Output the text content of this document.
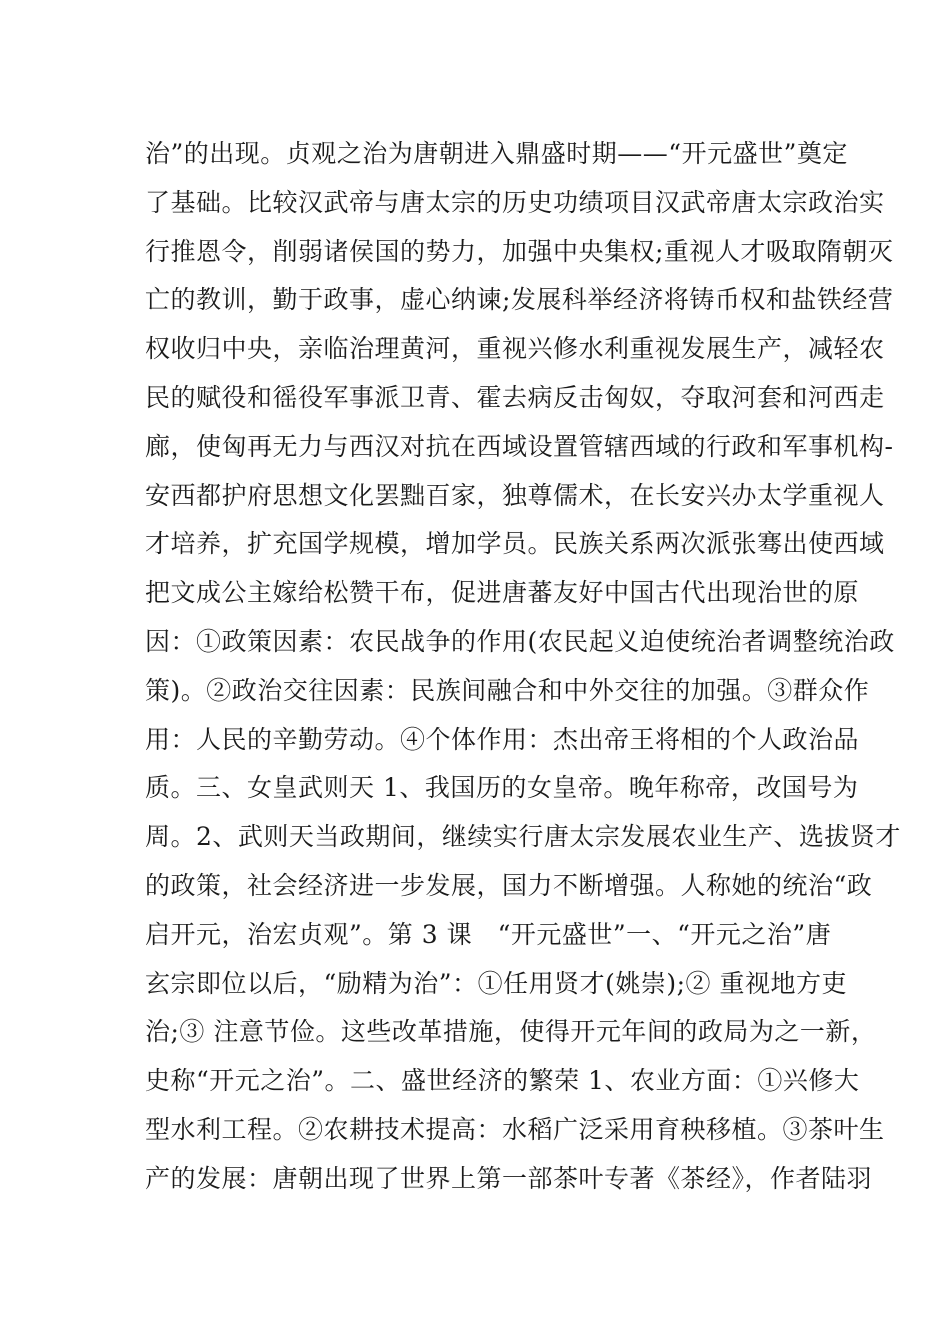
治”的出现。贞观之治为唐朝进入鼎盛时期——“开元盛世”奠定
了基础。比较汉武帝与唐太宗的历史功绩项目汉武帝唐太宗政治实
行推恩令，削弱诸侯国的势力，加强中央集权;重视人才吸取隋朝灭
亡的教训，勤于政事，虚心纳谏;发展科举经济将铸币权和盐铁经营
权收归中央，亲临治理黄河，重视兴修水利重视发展生产，减轻农
民的赋役和徭役军事派卫青、霍去病反击匈奴，夺取河套和河西走
廊，使匈再无力与西汉对抗在西域设置管辖西域的行政和军事机构-
安西都护府思想文化罢黜百家，独尊儒术，在长安兴办太学重视人
才培养，扩充国学规模，增加学员。民族关系两次派张骞出使西域
把文成公主嫁给松赞干布，促进唐蕃友好中国古代出现治世的原
因：①政策因素：农民战争的作用(农民起义迫使统治者调整统治政
策)。②政治交往因素：民族间融合和中外交往的加强。③群众作
用：人民的辛勤劳动。④个体作用：杰出帝王将相的个人政治品
质。三、女皇武则天 1、我国历的女皇帝。晚年称帝，改国号为
周。2、武则天当政期间，继续实行唐太宗发展农业生产、选拔贤才
的政策，社会经济进一步发展，国力不断增强。人称她的统治“政
启开元，治宏贞观”。第 3 课　“开元盛世”一、“开元之治”唐
玄宗即位以后，“励精为治”：①任用贤才(姚崇);② 重视地方吏
治;③ 注意节俭。这些改革措施，使得开元年间的政局为之一新，
史称“开元之治”。二、盛世经济的繁荣 1、农业方面：①兴修大
型水利工程。②农耕技术提高：水稻广泛采用育秧移植。③茶叶生
产的发展：唐朝出现了世界上第一部茶叶专著《茶经》，作者陆羽
